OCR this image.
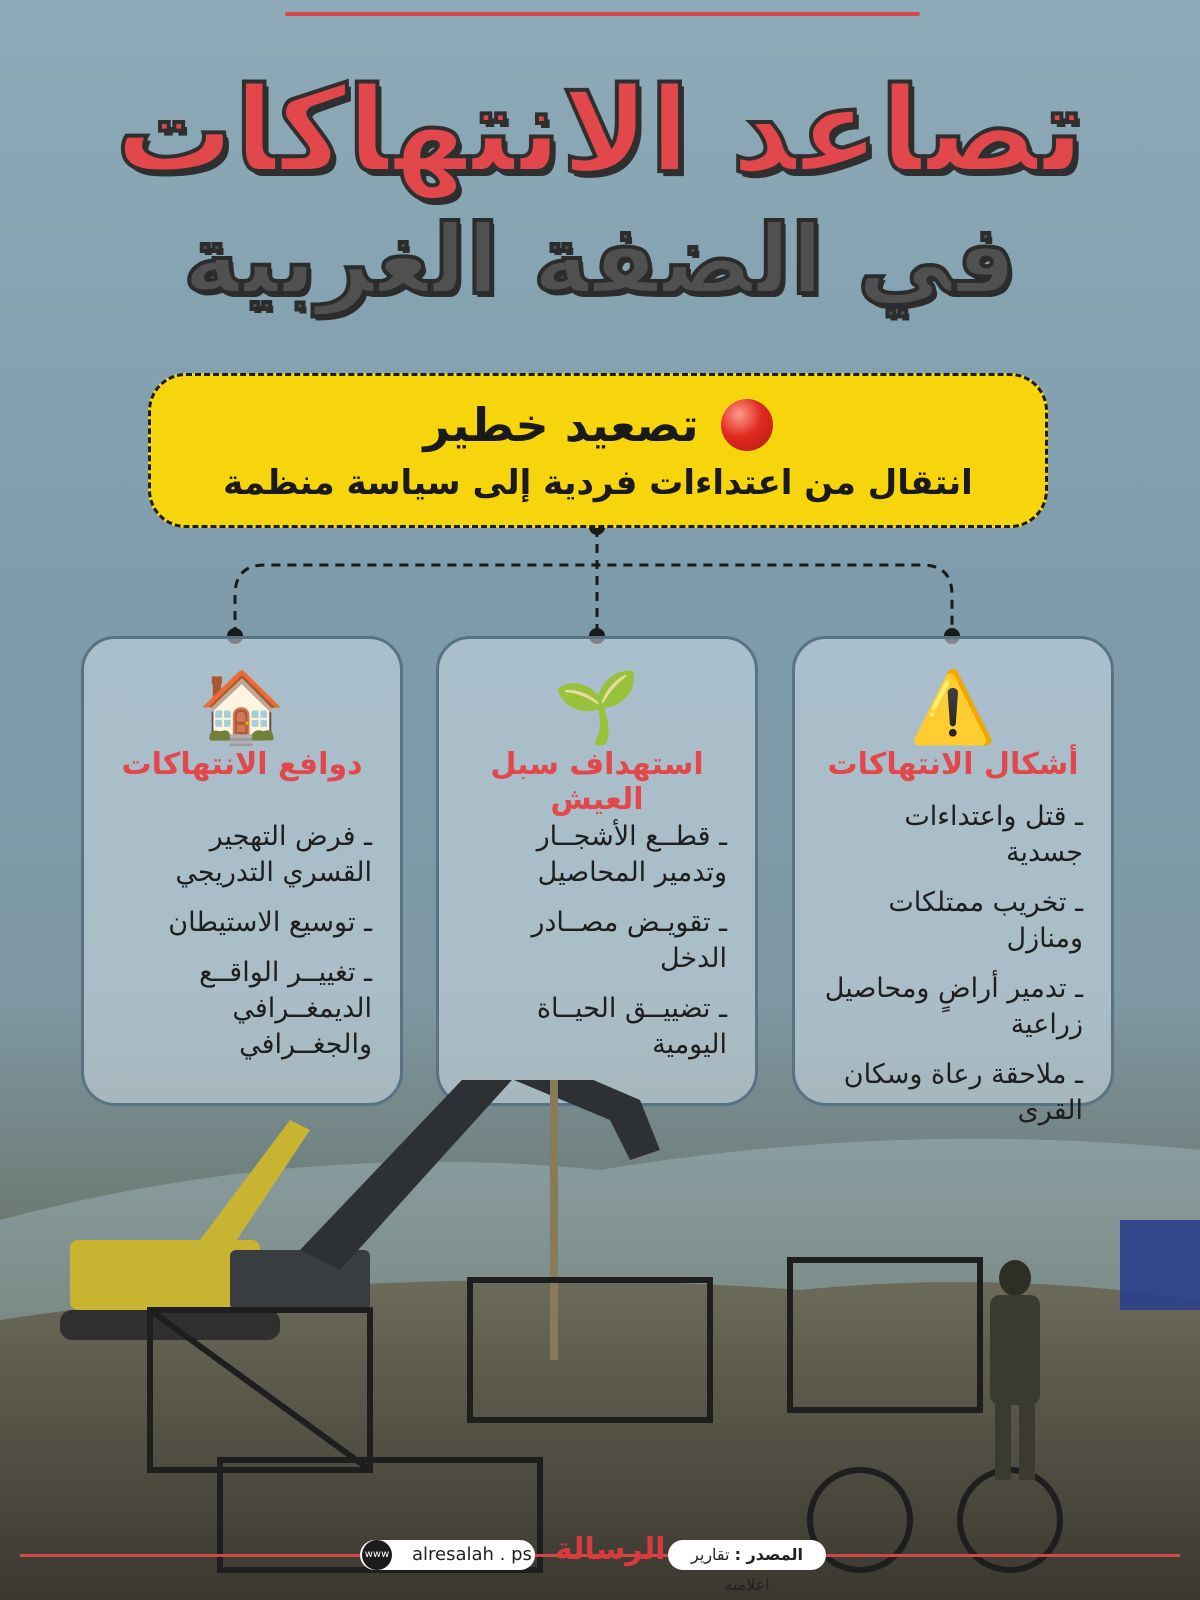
تصاعد الانتهاكات
في الضفة الغربية
تصعيد خطير
انتقال من اعتداءات فردية إلى سياسة منظمة
⚠️
أشكال الانتهاكات
ـ قتل واعتداءات جسدية
ـ تخريب ممتلكات ومنازل
ـ تدمير أراضٍ ومحاصيل زراعية
ـ ملاحقة رعاة وسكان القرى
🌱
استهداف سبل العيش
ـ قطــع الأشجــار وتدمير المحاصيل
ـ تقويـض مصــادر الدخل
ـ تضييــق الحيــاة اليومية
🏠
دوافع الانتهاكات
ـ فرض التهجير القسري التدريجي
ـ توسيع الاستيطان
ـ تغييــر الواقــع الديمغــرافي والجغــرافي
المصدر : تقارير اعلامية
الرسالة
alresalah . ps
www
